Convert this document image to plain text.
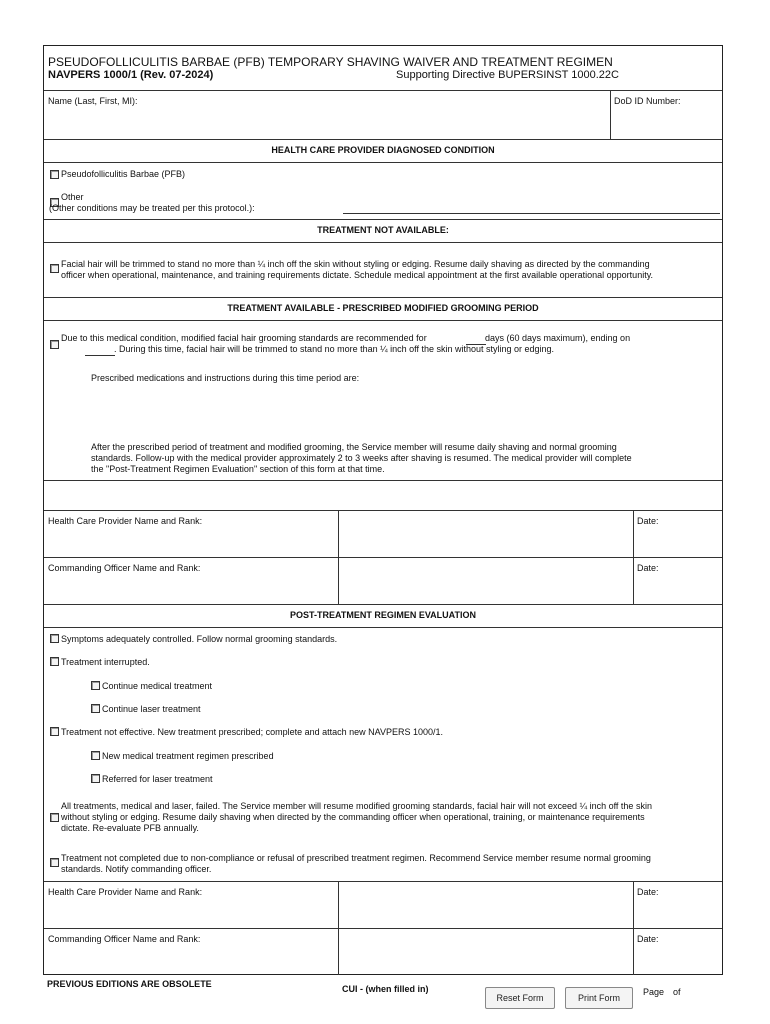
PSEUDOFOLLICULITIS BARBAE (PFB) TEMPORARY SHAVING WAIVER AND TREATMENT REGIMEN
NAVPERS 1000/1 (Rev. 07-2024)	Supporting Directive BUPERSINST 1000.22C
Name (Last, First, MI):	DoD ID Number:
HEALTH CARE PROVIDER DIAGNOSED CONDITION
Pseudofolliculitis Barbae (PFB)
Other
(Other conditions may be treated per this protocol.):
TREATMENT NOT AVAILABLE:
Facial hair will be trimmed to stand no more than ¼ inch off the skin without styling or edging. Resume daily shaving as directed by the commanding
officer when operational, maintenance, and training requirements dictate. Schedule medical appointment at the first available operational opportunity.
TREATMENT AVAILABLE - PRESCRIBED MODIFIED GROOMING PERIOD
Due to this medical condition, modified facial hair grooming standards are recommended for	days (60 days maximum), ending on
. During this time, facial hair will be trimmed to stand no more than ¼ inch off the skin without styling or edging.
Prescribed medications and instructions during this time period are:
After the prescribed period of treatment and modified grooming, the Service member will resume daily shaving and normal grooming
standards. Follow-up with the medical provider approximately 2 to 3 weeks after shaving is resumed. The medical provider will complete
the "Post-Treatment Regimen Evaluation" section of this form at that time.
Health Care Provider Name and Rank:	Date:
Commanding Officer Name and Rank:	Date:
POST-TREATMENT REGIMEN EVALUATION
Symptoms adequately controlled. Follow normal grooming standards.
Treatment interrupted.
Continue medical treatment
Continue laser treatment
Treatment not effective. New treatment prescribed; complete and attach new NAVPERS 1000/1.
New medical treatment regimen prescribed
Referred for laser treatment
All treatments, medical and laser, failed. The Service member will resume modified grooming standards, facial hair will not exceed ¼ inch off the skin
without styling or edging. Resume daily shaving when directed by the commanding officer when operational, training, or maintenance requirements
dictate. Re-evaluate PFB annually.
Treatment not completed due to non-compliance or refusal of prescribed treatment regimen. Recommend Service member resume normal grooming
standards. Notify commanding officer.
Health Care Provider Name and Rank:	Date:
Commanding Officer Name and Rank:	Date:
PREVIOUS EDITIONS ARE OBSOLETE	CUI - (when filled in)
Reset Form	Print Form
Page of
